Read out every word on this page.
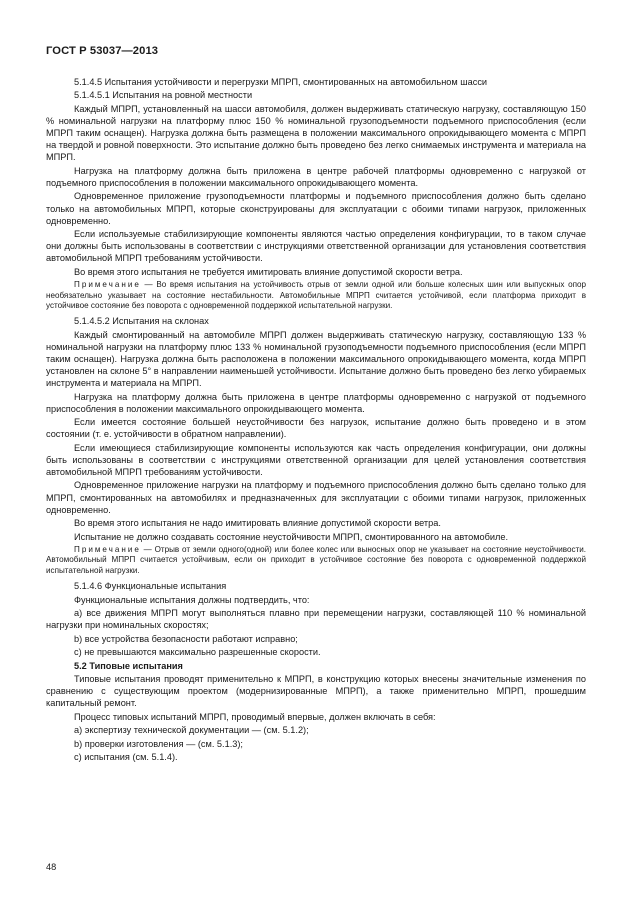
ГОСТ Р 53037—2013
5.1.4.5 Испытания устойчивости и перегрузки МПРП, смонтированных на автомобильном шасси
5.1.4.5.1 Испытания на ровной местности
Каждый МПРП, установленный на шасси автомобиля, должен выдерживать статическую нагрузку, составляющую 150 % номинальной нагрузки на платформу плюс 150 % номинальной грузоподъемности подъемного приспособления (если МПРП таким оснащен). Нагрузка должна быть размещена в положении максимального опрокидывающего момента с МПРП на твердой и ровной поверхности. Это испытание должно быть проведено без легко снимаемых инструмента и материала на МПРП.
Нагрузка на платформу должна быть приложена в центре рабочей платформы одновременно с нагрузкой от подъемного приспособления в положении максимального опрокидывающего момента.
Одновременное приложение грузоподъемности платформы и подъемного приспособления должно быть сделано только на автомобильных МПРП, которые сконструированы для эксплуатации с обоими типами нагрузок, приложенных одновременно.
Если используемые стабилизирующие компоненты являются частью определения конфигурации, то в таком случае они должны быть использованы в соответствии с инструкциями ответственной организации для установления соответствия автомобильной МПРП требованиям устойчивости.
Во время этого испытания не требуется имитировать влияние допустимой скорости ветра.
Примечание — Во время испытания на устойчивость отрыв от земли одной или больше колесных шин или выпускных опор необязательно указывает на состояние нестабильности. Автомобильные МПРП считается устойчивой, если платформа приходит в устойчивое состояние без поворота с одновременной поддержкой испытательной нагрузки.
5.1.4.5.2 Испытания на склонах
Каждый смонтированный на автомобиле МПРП должен выдерживать статическую нагрузку, составляющую 133 % номинальной нагрузки на платформу плюс 133 % номинальной грузоподъемности подъемного приспособления (если МПРП таким оснащен). Нагрузка должна быть расположена в положении максимального опрокидывающего момента, когда МПРП установлен на склоне 5° в направлении наименьшей устойчивости. Испытание должно быть проведено без легко убираемых инструмента и материала на МПРП.
Нагрузка на платформу должна быть приложена в центре платформы одновременно с нагрузкой от подъемного приспособления в положении максимального опрокидывающего момента.
Если имеется состояние большей неустойчивости без нагрузок, испытание должно быть проведено и в этом состоянии (т. е. устойчивости в обратном направлении).
Если имеющиеся стабилизирующие компоненты используются как часть определения конфигурации, они должны быть использованы в соответствии с инструкциями ответственной организации для целей установления соответствия автомобильной МПРП требованиям устойчивости.
Одновременное приложение нагрузки на платформу и подъемного приспособления должно быть сделано только для МПРП, смонтированных на автомобилях и предназначенных для эксплуатации с обоими типами нагрузок, приложенных одновременно.
Во время этого испытания не надо имитировать влияние допустимой скорости ветра.
Испытание не должно создавать состояние неустойчивости МПРП, смонтированного на автомобиле.
Примечание — Отрыв от земли одного(одной) или более колес или выносных опор не указывает на состояние неустойчивости. Автомобильный МПРП считается устойчивым, если он приходит в устойчивое состояние без поворота с одновременной поддержкой испытательной нагрузки.
5.1.4.6 Функциональные испытания
Функциональные испытания должны подтвердить, что:
a) все движения МПРП могут выполняться плавно при перемещении нагрузки, составляющей 110 % номинальной нагрузки при номинальных скоростях;
b) все устройства безопасности работают исправно;
c) не превышаются максимально разрешенные скорости.
5.2 Типовые испытания
Типовые испытания проводят применительно к МПРП, в конструкцию которых внесены значительные изменения по сравнению с существующим проектом (модернизированные МПРП), а также применительно МПРП, прошедшим капитальный ремонт.
Процесс типовых испытаний МПРП, проводимый впервые, должен включать в себя:
a) экспертизу технической документации — (см. 5.1.2);
b) проверки изготовления — (см. 5.1.3);
c) испытания (см. 5.1.4).
48
